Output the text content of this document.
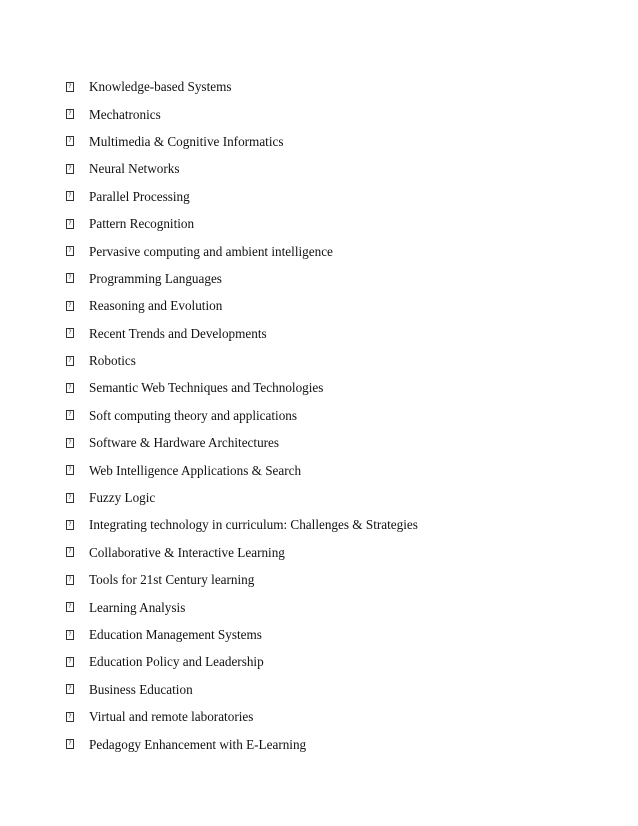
? Knowledge-based Systems
? Mechatronics
? Multimedia & Cognitive Informatics
? Neural Networks
? Parallel Processing
? Pattern Recognition
? Pervasive computing and ambient intelligence
? Programming Languages
? Reasoning and Evolution
? Recent Trends and Developments
? Robotics
? Semantic Web Techniques and Technologies
? Soft computing theory and applications
? Software & Hardware Architectures
? Web Intelligence Applications & Search
? Fuzzy Logic
? Integrating technology in curriculum: Challenges & Strategies
? Collaborative & Interactive Learning
? Tools for 21st Century learning
? Learning Analysis
? Education Management Systems
? Education Policy and Leadership
? Business Education
? Virtual and remote laboratories
? Pedagogy Enhancement with E-Learning
